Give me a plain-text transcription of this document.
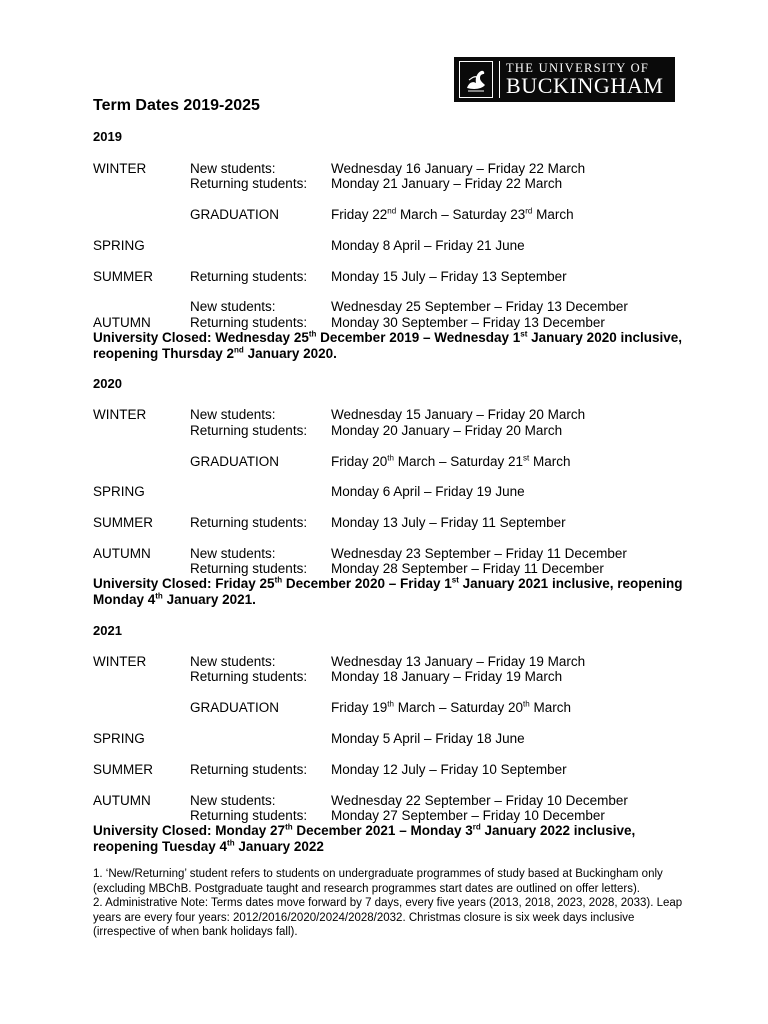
THE UNIVERSITY OF
BUCKINGHAM
Term Dates 2019-2025
2019
WINTER	New students:	Wednesday 16 January – Friday 22 March
Returning students: Monday 21 January – Friday 22 March
GRADUATION	Friday 22nd March – Saturday 23rd March
SPRING	Monday 8 April – Friday 21 June
SUMMER	Returning students: Monday 15 July – Friday 13 September
New students:	Wednesday 25 September – Friday 13 December
AUTUMN	Returning students: Monday 30 September – Friday 13 December
University Closed: Wednesday 25th December 2019 – Wednesday 1st January 2020 inclusive, reopening Thursday 2nd January 2020.
2020
WINTER	New students:	Wednesday 15 January – Friday 20 March
Returning students: Monday 20 January – Friday 20 March
GRADUATION	Friday 20th March – Saturday 21st March
SPRING	Monday 6 April – Friday 19 June
SUMMER	Returning students: Monday 13 July – Friday 11 September
AUTUMN	New students:	Wednesday 23 September – Friday 11 December
Returning students: Monday 28 September – Friday 11 December
University Closed: Friday 25th December 2020 – Friday 1st January 2021 inclusive, reopening Monday 4th January 2021.
2021
WINTER	New students:	Wednesday 13 January – Friday 19 March
Returning students: Monday 18 January – Friday 19 March
GRADUATION	Friday 19th March – Saturday 20th March
SPRING	Monday 5 April – Friday 18 June
SUMMER	Returning students: Monday 12 July – Friday 10 September
AUTUMN	New students:	Wednesday 22 September – Friday 10 December
Returning students: Monday 27 September – Friday 10 December
University Closed: Monday 27th December 2021 – Monday 3rd January 2022 inclusive, reopening Tuesday 4th January 2022

1. ‘New/Returning’ student refers to students on undergraduate programmes of study based at Buckingham only (excluding MBChB. Postgraduate taught and research programmes start dates are outlined on offer letters).

2. Administrative Note: Terms dates move forward by 7 days, every five years (2013, 2018, 2023, 2028, 2033). Leap years are every four years: 2012/2016/2020/2024/2028/2032. Christmas closure is six week days inclusive (irrespective of when bank holidays fall).
